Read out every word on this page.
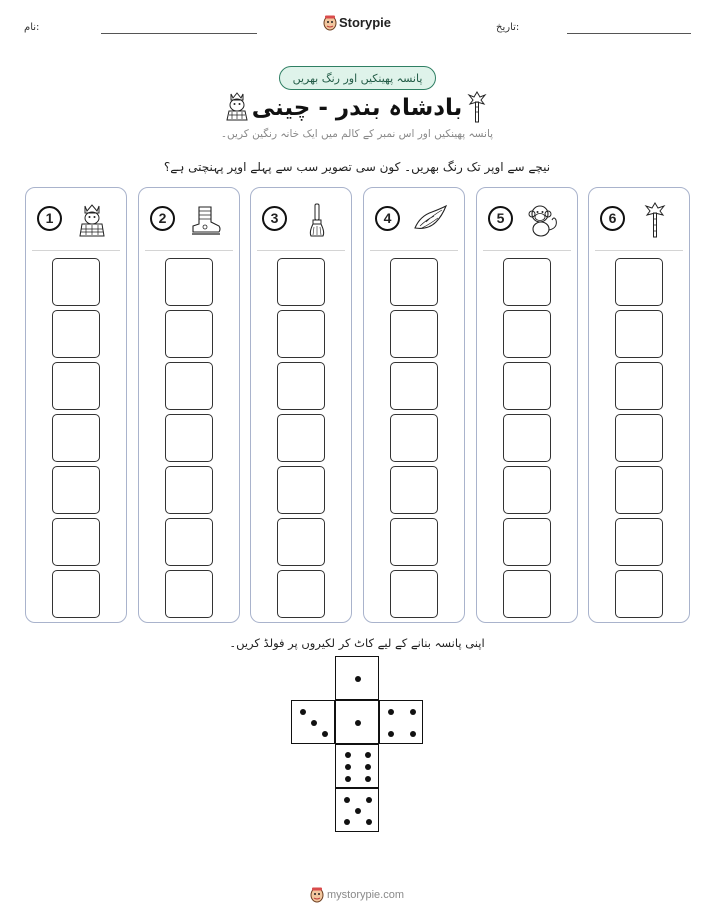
نام:	Storypie	تاریخ:
پانسہ پھینکیں اور رنگ بھریں
بادشاہ بندر - چینی
پانسہ پھینکیں اور اس نمبر کے کالم میں ایک خانہ رنگین کریں۔
نیچے سے اوپر تک رنگ بھریں۔ کون سی تصویر سب سے پہلے اوپر پہنچتی ہے؟
1	2	3	4	5	6
اپنی پانسہ بنانے کے لیے کاٹ کر لکیروں پر فولڈ کریں۔
mystorypie.com
